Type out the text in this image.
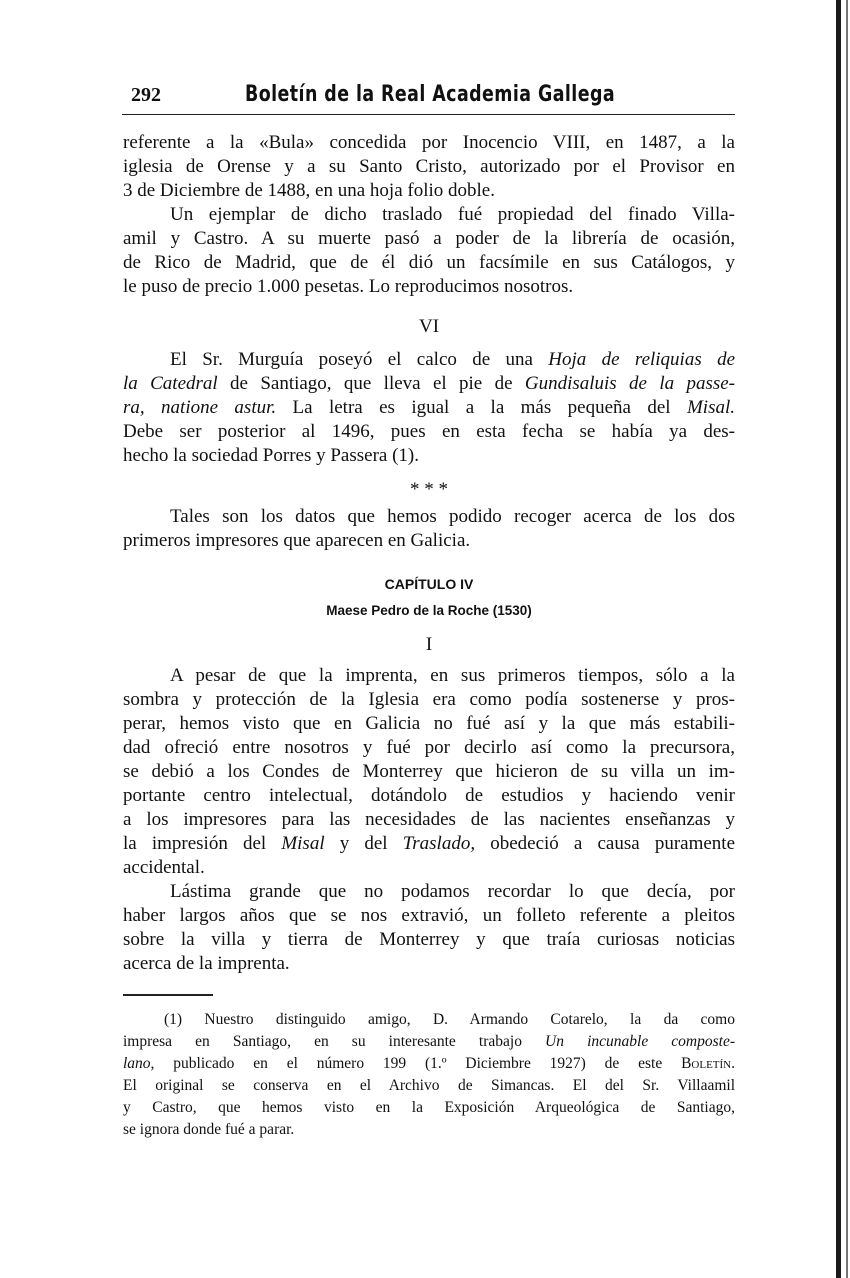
292	Boletín de la Real Academia Gallega
referente a la «Bula» concedida por Inocencio VIII, en 1487, a la
iglesia de Orense y a su Santo Cristo, autorizado por el Provisor en
3 de Diciembre de 1488, en una hoja folio doble.
Un ejemplar de dicho traslado fué propiedad del finado Villa-
amil y Castro. A su muerte pasó a poder de la librería de ocasión,
de Rico de Madrid, que de él dió un facsímile en sus Catálogos, y
le puso de precio 1.000 pesetas. Lo reproducimos nosotros.
VI
El Sr. Murguía poseyó el calco de una Hoja de reliquias de
la Catedral de Santiago, que lleva el pie de Gundisaluis de la passe-
ra, natione astur. La letra es igual a la más pequeña del Misal.
Debe ser posterior al 1496, pues en esta fecha se había ya des-
hecho la sociedad Porres y Passera (1).
* * *
Tales son los datos que hemos podido recoger acerca de los dos
primeros impresores que aparecen en Galicia.
I
A pesar de que la imprenta, en sus primeros tiempos, sólo a la
sombra y protección de la Iglesia era como podía sostenerse y pros-
perar, hemos visto que en Galicia no fué así y la que más estabili-
dad ofreció entre nosotros y fué por decirlo así como la precursora,
se debió a los Condes de Monterrey que hicieron de su villa un im-
portante centro intelectual, dotándolo de estudios y haciendo venir
a los impresores para las necesidades de las nacientes enseñanzas y
la impresión del Misal y del Traslado, obedeció a causa puramente
accidental.
Lástima grande que no podamos recordar lo que decía, por
haber largos años que se nos extravió, un folleto referente a pleitos
sobre la villa y tierra de Monterrey y que traía curiosas noticias
acerca de la imprenta.
CAPÍTULO IV
Maese Pedro de la Roche (1530)
(1) Nuestro distinguido amigo, D. Armando Cotarelo, la da como
impresa en Santiago, en su interesante trabajo Un incunable composte-
lano, publicado en el número 199 (1.º Diciembre 1927) de este Boletín.
El original se conserva en el Archivo de Simancas. El del Sr. Villaamil
y Castro, que hemos visto en la Exposición Arqueológica de Santiago,
se ignora donde fué a parar.
